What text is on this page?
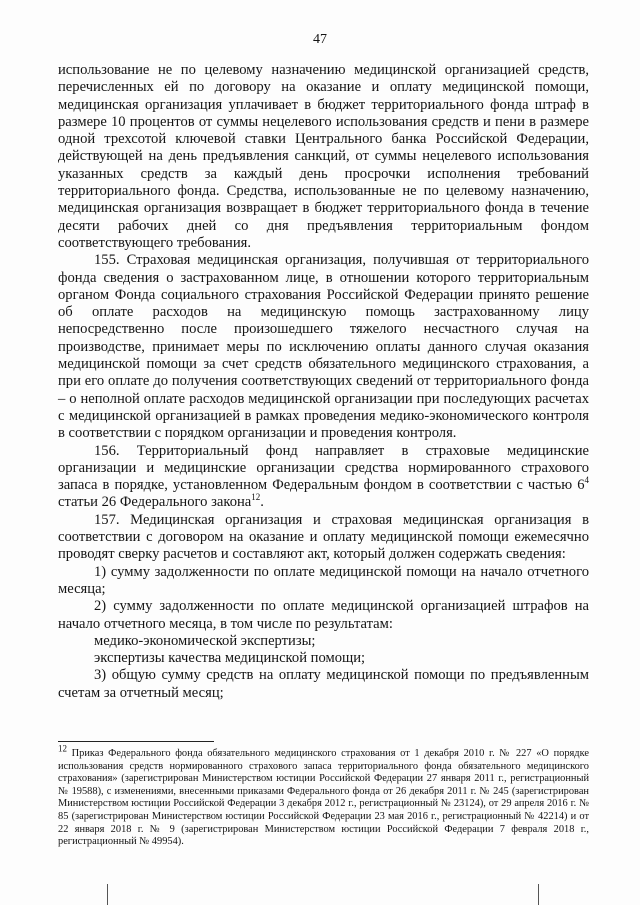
47

использование не по целевому назначению медицинской организацией средств, перечисленных ей по договору на оказание и оплату медицинской помощи, медицинская организация уплачивает в бюджет территориального фонда штраф в размере 10 процентов от суммы нецелевого использования средств и пени в размере одной трехсотой ключевой ставки Центрального банка Российской Федерации, действующей на день предъявления санкций, от суммы нецелевого использования указанных средств за каждый день просрочки исполнения требований территориального фонда. Средства, использованные не по целевому назначению, медицинская организация возвращает в бюджет территориального фонда в течение десяти рабочих дней со дня предъявления территориальным фондом соответствующего требования.

155. Страховая медицинская организация, получившая от территориального фонда сведения о застрахованном лице, в отношении которого территориальным органом Фонда социального страхования Российской Федерации принято решение об оплате расходов на медицинскую помощь застрахованному лицу непосредственно после произошедшего тяжелого несчастного случая на производстве, принимает меры по исключению оплаты данного случая оказания медицинской помощи за счет средств обязательного медицинского страхования, а при его оплате до получения соответствующих сведений от территориального фонда – о неполной оплате расходов медицинской организации при последующих расчетах с медицинской организацией в рамках проведения медико-экономического контроля в соответствии с порядком организации и проведения контроля.

156. Территориальный фонд направляет в страховые медицинские организации и медицинские организации средства нормированного страхового запаса в порядке, установленном Федеральным фондом в соответствии с частью $6^4$ статьи 26 Федерального закона$^{12}$.

157. Медицинская организация и страховая медицинская организация в соответствии с договором на оказание и оплату медицинской помощи ежемесячно проводят сверку расчетов и составляют акт, который должен содержать сведения:

1) сумму задолженности по оплате медицинской помощи на начало отчетного месяца;

2) сумму задолженности по оплате медицинской организацией штрафов на начало отчетного месяца, в том числе по результатам:

медико-экономической экспертизы;

экспертизы качества медицинской помощи;

3) общую сумму средств на оплату медицинской помощи по предъявленным счетам за отчетный месяц;

$^{12}$ Приказ Федерального фонда обязательного медицинского страхования от 1 декабря 2010 г. № 227 «О порядке использования средств нормированного страхового запаса территориального фонда обязательного медицинского страхования» (зарегистрирован Министерством юстиции Российской Федерации 27 января 2011 г., регистрационный № 19588), с изменениями, внесенными приказами Федерального фонда от 26 декабря 2011 г. № 245 (зарегистрирован Министерством юстиции Российской Федерации 3 декабря 2012 г., регистрационный № 23124), от 29 апреля 2016 г. № 85 (зарегистрирован Министерством юстиции Российской Федерации 23 мая 2016 г., регистрационный № 42214) и от 22 января 2018 г. № 9 (зарегистрирован Министерством юстиции Российской Федерации 7 февраля 2018 г., регистрационный № 49954).
